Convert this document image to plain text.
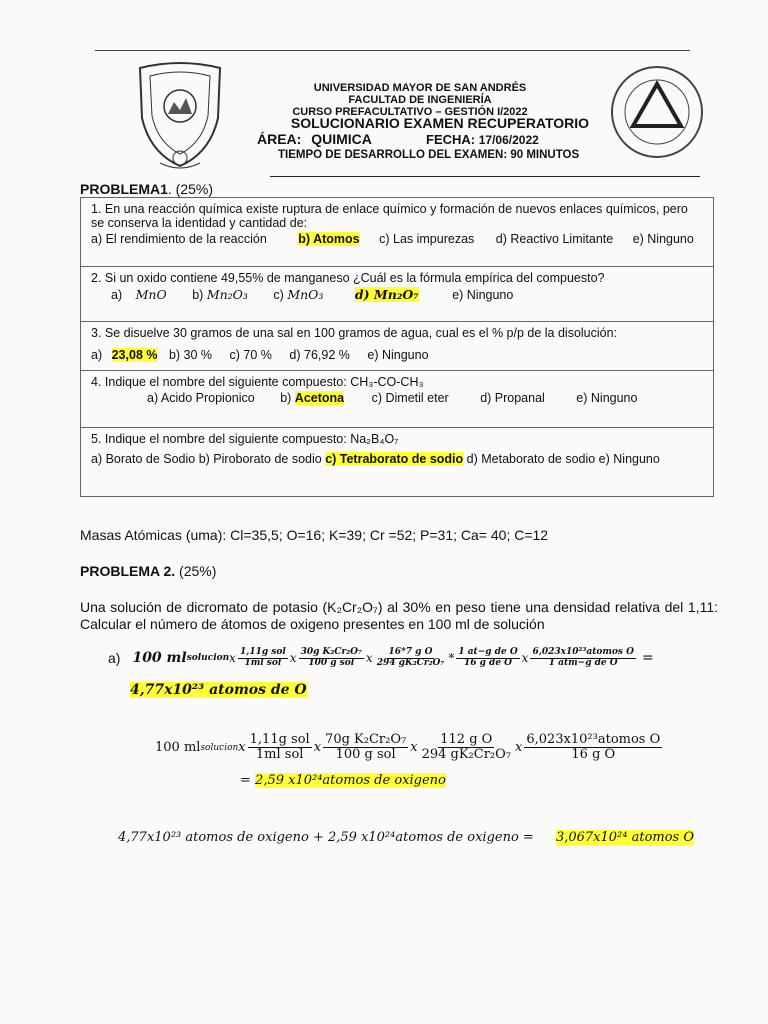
UNIVERSIDAD MAYOR DE SAN ANDRÉS
FACULTAD DE INGENIERÍA
CURSO PREFACULTATIVO – GESTIÓN I/2022
SOLUCIONARIO EXAMEN RECUPERATORIO
ÁREA: QUIMICA	FECHA: 17/06/2022
TIEMPO DE DESARROLLO DEL EXAMEN: 90 MINUTOS
PROBLEMA1. (25%)
1. En una reacción química existe ruptura de enlace químico y formación de nuevos enlaces químicos, pero se conserva la identidad y cantidad de:
a) El rendimiento de la reacción	b) Atomos c) Las impurezas d) Reactivo Limitante e) Ninguno

2. Si un oxido contiene 49,55% de manganeso ¿Cuál es la fórmula empírica del compuesto?
a) MnO b) Mn₂O₃ c) MnO₃	d) Mn₂O₇	e) Ninguno

3. Se disuelve 30 gramos de una sal en 100 gramos de agua, cual es el % p/p de la disolución:
a) 23,08 % b) 30 % c) 70 % d) 76,92 % e) Ninguno

4. Indique el nombre del siguiente compuesto: CH₃-CO-CH₃
a) Acido Propionico b) Acetona c) Dimetil eter	d) Propanal	e) Ninguno

5. Indique el nombre del siguiente compuesto: Na₂B₄O₇
a) Borato de Sodio b) Piroborato de sodio c) Tetraborato de sodio d) Metaborato de sodio e) Ninguno
Masas Atómicas (uma): Cl=35,5; O=16; K=39; Cr =52; P=31; Ca= 40; C=12
PROBLEMA 2. (25%)
Una solución de dicromato de potasio (K₂Cr₂O₇) al 30% en peso tiene una densidad relativa del 1,11: Calcular el número de átomos de oxigeno presentes en 100 ml de solución
a) 100 ml solucion x $\frac{\text{1,11g sol}}{\text{1ml sol}}$ x $\frac{\text{30g K₂Cr₂O₇}}{\text{100 g sol}}$ x $\frac{\text{16*7 g O}}{\text{294 gK₂Cr₂O₇}} * \frac{\text{1 at−g de O}}{\text{16 g de O}}$ x $\frac{\text{6,023x10²³atomos O}}{\text{1 atm−g de O}}$ =
4,77x10²³ atomos de O
100 ml solucion x $\frac{\text{1,11g sol}}{\text{1ml sol}}$ x $\frac{\text{70g K₂Cr₂O₇}}{\text{100 g sol}}$ x $\frac{\text{112 g O}}{\text{294 gK₂Cr₂O₇}}$ x $\frac{\text{6,023x10²³atomos O}}{\text{16 g O}}$
= 2,59 x10²⁴atomos de oxigeno
4,77x10²³ atomos de oxigeno + 2,59 x10²⁴atomos de oxigeno = 3,067x10²⁴ atomos O
